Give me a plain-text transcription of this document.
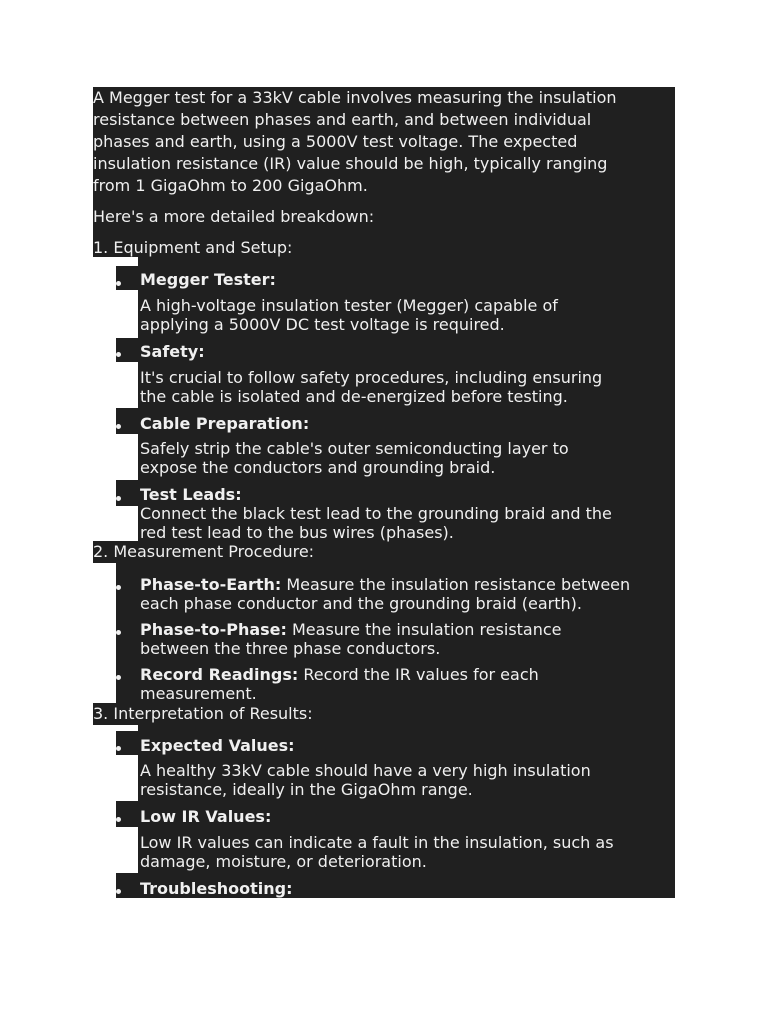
A Megger test for a 33kV cable involves measuring the insulation
resistance between phases and earth, and between individual
phases and earth, using a 5000V test voltage. The expected
insulation resistance (IR) value should be high, typically ranging
from 1 GigaOhm to 200 GigaOhm.
Here's a more detailed breakdown:
1. Equipment and Setup:
Megger Tester:
A high-voltage insulation tester (Megger) capable of
applying a 5000V DC test voltage is required.
Safety:
It's crucial to follow safety procedures, including ensuring
the cable is isolated and de-energized before testing.
Cable Preparation:
Safely strip the cable's outer semiconducting layer to
expose the conductors and grounding braid.
Test Leads:
Connect the black test lead to the grounding braid and the
red test lead to the bus wires (phases).
2. Measurement Procedure:
Phase-to-Earth: Measure the insulation resistance between
each phase conductor and the grounding braid (earth).
Phase-to-Phase: Measure the insulation resistance
between the three phase conductors.
Record Readings: Record the IR values for each
measurement.
3. Interpretation of Results:
Expected Values:
A healthy 33kV cable should have a very high insulation
resistance, ideally in the GigaOhm range.
Low IR Values:
Low IR values can indicate a fault in the insulation, such as
damage, moisture, or deterioration.
Troubleshooting:
